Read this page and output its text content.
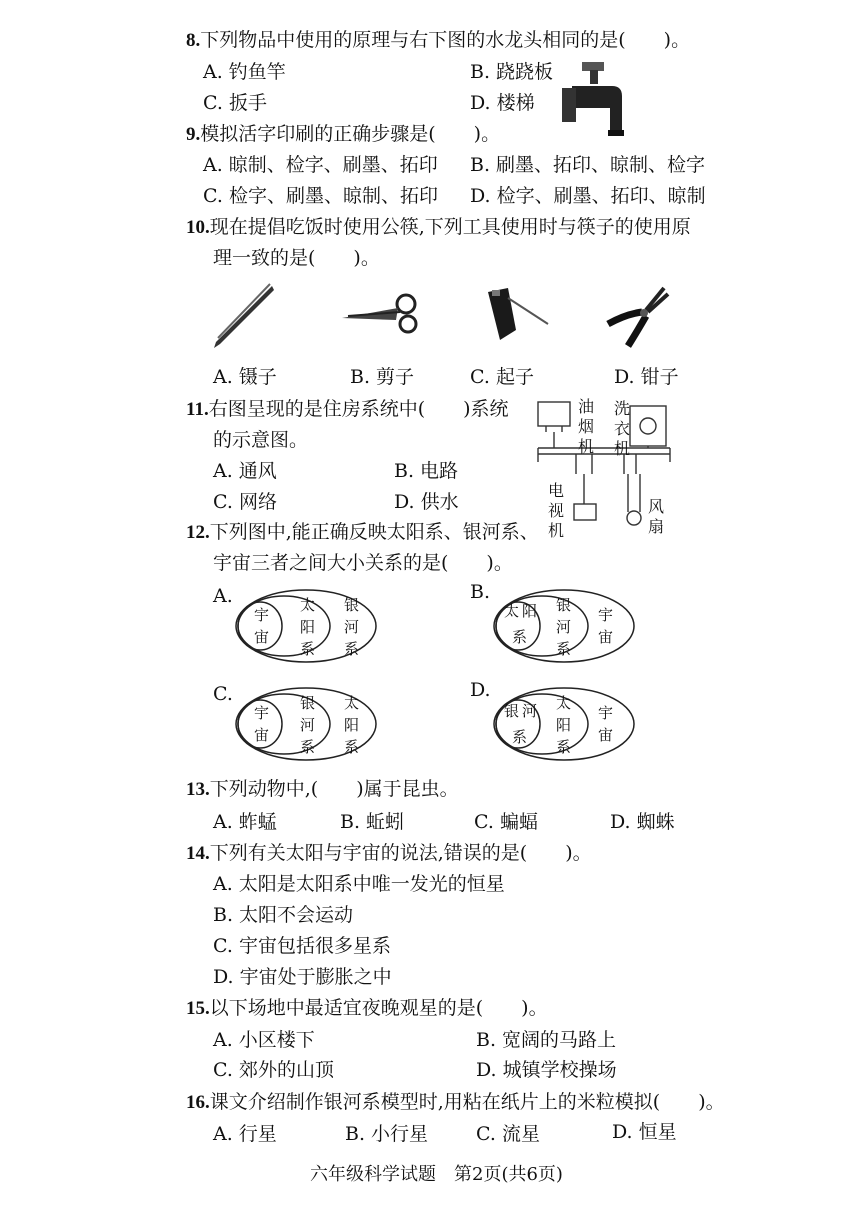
8.下列物品中使用的原理与右下图的水龙头相同的是(　　)。
A. 钓鱼竿	B. 跷跷板
C. 扳手	D. 楼梯
9.模拟活字印刷的正确步骤是(　　)。
A. 晾制、检字、刷墨、拓印 B. 刷墨、拓印、晾制、检字
C. 检字、刷墨、晾制、拓印 D. 检字、刷墨、拓印、晾制
10.现在提倡吃饭时使用公筷,下列工具使用时与筷子的使用原
理一致的是(　　)。
A. 镊子	B. 剪子	C. 起子	D. 钳子
11.右图呈现的是住房系统中(　　)系统
的示意图。
A. 通风	B. 电路
C. 网络	D. 供水
油烟机
洗衣机
电视机
风扇
12.下列图中,能正确反映太阳系、银河系、
宇宙三者之间大小关系的是(　　)。
A.
宇宙
太阳系
银河系
B.
太 阳系
银河系
宇宙
C.
宇宙
银河系
太阳系
D.
银 河系
太阳系
宇宙
13.下列动物中,(　　)属于昆虫。
A. 蚱蜢	B. 蚯蚓	C. 蝙蝠	D. 蜘蛛
14.下列有关太阳与宇宙的说法,错误的是(　　)。
A. 太阳是太阳系中唯一发光的恒星
B. 太阳不会运动
C. 宇宙包括很多星系
D. 宇宙处于膨胀之中
15.以下场地中最适宜夜晚观星的是(　　)。
A. 小区楼下	B. 宽阔的马路上
C. 郊外的山顶	D. 城镇学校操场
16.课文介绍制作银河系模型时,用粘在纸片上的米粒模拟(　　)。
A. 行星	B. 小行星	C. 流星	D. 恒星
六年级科学试题　第2页(共6页)
